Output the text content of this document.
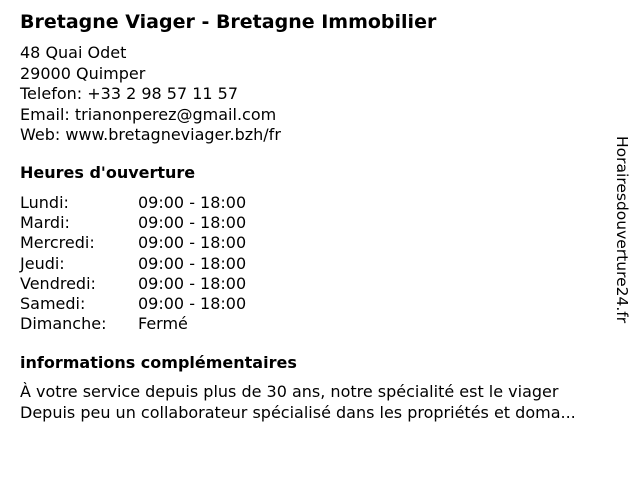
Bretagne Viager - Bretagne Immobilier
48 Quai Odet
29000 Quimper
Telefon: +33 2 98 57 11 57
Email: trianonperez@gmail.com
Web: www.bretagneviager.bzh/fr
Heures d'ouverture
Lundi:	09:00 - 18:00
Mardi:	09:00 - 18:00
Mercredi:	09:00 - 18:00
Jeudi:	09:00 - 18:00
Vendredi:	09:00 - 18:00
Samedi:	09:00 - 18:00
Dimanche:	Fermé
informations complémentaires
À votre service depuis plus de 30 ans, notre spécialité est le viager
Depuis peu un collaborateur spécialisé dans les propriétés et doma...
Horairesdouverture24.fr
